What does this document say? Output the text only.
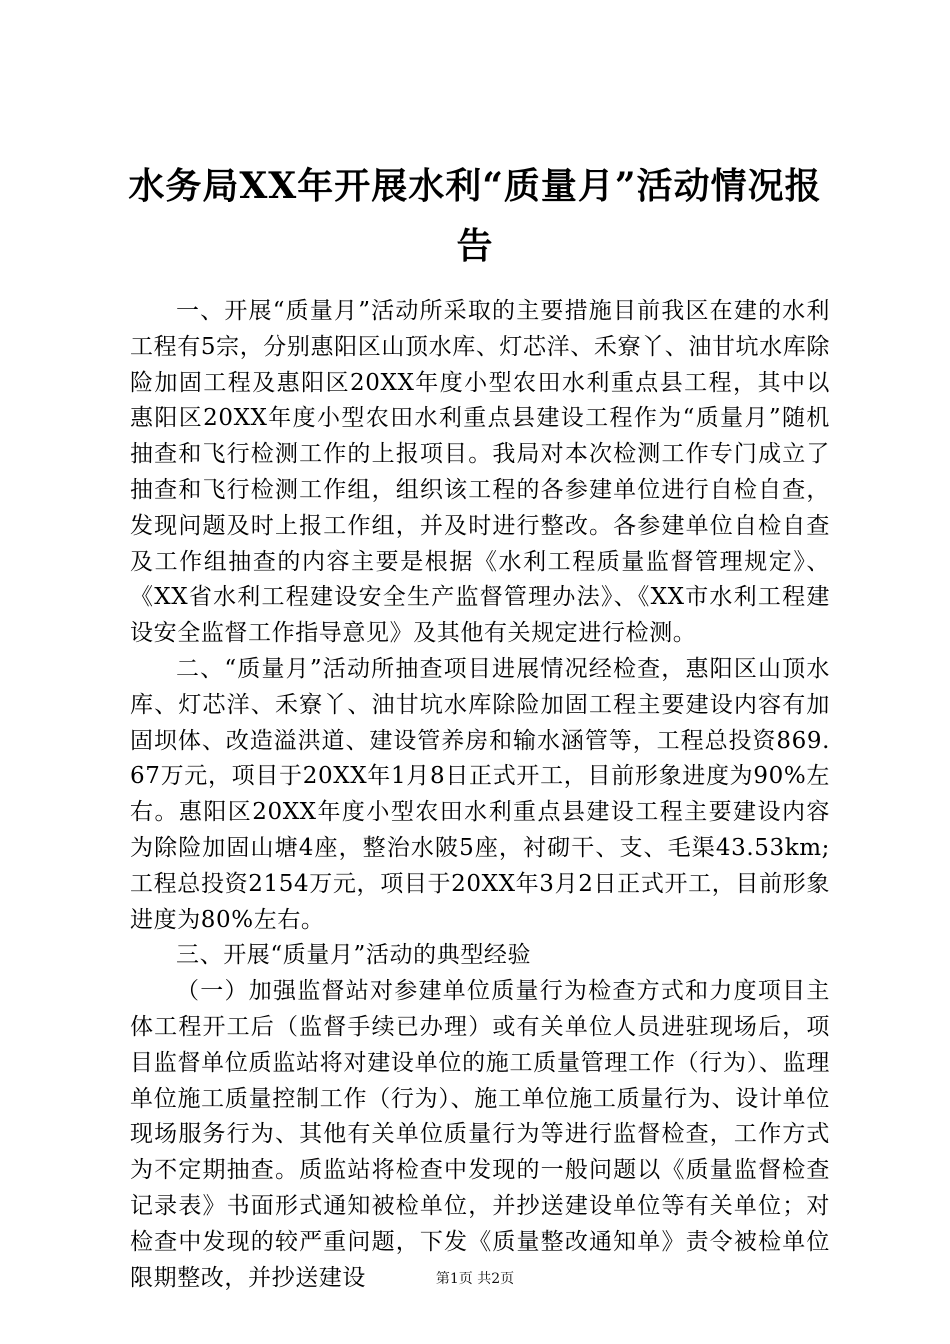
水务局XX年开展水利“质量月”活动情况报告

一、开展“质量月”活动所采取的主要措施目前我区在建的水利工程有5宗，分别惠阳区山顶水库、灯芯洋、禾寮丫、油甘坑水库除险加固工程及惠阳区20XX年度小型农田水利重点县工程，其中以惠阳区20XX年度小型农田水利重点县建设工程作为“质量月”随机抽查和飞行检测工作的上报项目。我局对本次检测工作专门成立了抽查和飞行检测工作组，组织该工程的各参建单位进行自检自查，发现问题及时上报工作组，并及时进行整改。各参建单位自检自查及工作组抽查的内容主要是根据《水利工程质量监督管理规定》、《XX省水利工程建设安全生产监督管理办法》、《XX市水利工程建设安全监督工作指导意见》及其他有关规定进行检测。

二、“质量月”活动所抽查项目进展情况经检查，惠阳区山顶水库、灯芯洋、禾寮丫、油甘坑水库除险加固工程主要建设内容有加固坝体、改造溢洪道、建设管养房和输水涵管等，工程总投资869.67万元，项目于20XX年1月8日正式开工，目前形象进度为90%左右。惠阳区20XX年度小型农田水利重点县建设工程主要建设内容为除险加固山塘4座，整治水陂5座，衬砌干、支、毛渠43.53km;工程总投资2154万元，项目于20XX年3月2日正式开工，目前形象进度为80%左右。

三、开展“质量月”活动的典型经验

（一）加强监督站对参建单位质量行为检查方式和力度项目主体工程开工后（监督手续已办理）或有关单位人员进驻现场后，项目监督单位质监站将对建设单位的施工质量管理工作（行为）、监理单位施工质量控制工作（行为）、施工单位施工质量行为、设计单位现场服务行为、其他有关单位质量行为等进行监督检查，工作方式为不定期抽查。质监站将检查中发现的一般问题以《质量监督检查记录表》书面形式通知被检单位，并抄送建设单位等有关单位；对检查中发现的较严重问题，下发《质量整改通知单》责令被检单位限期整改，并抄送建设	第1页 共2页
